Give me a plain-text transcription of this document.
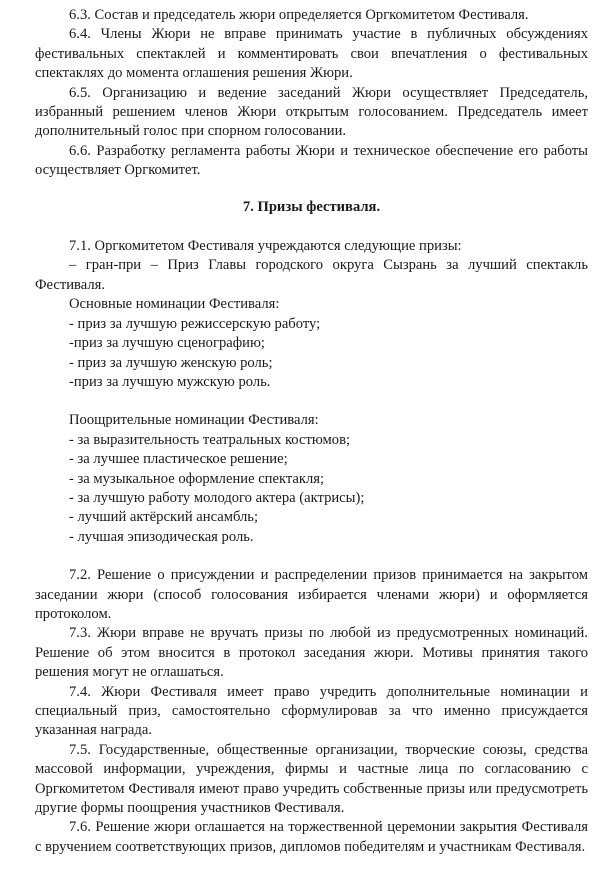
6.3. Состав и председатель жюри определяется Оргкомитетом Фестиваля.

6.4. Члены Жюри не вправе принимать участие в публичных обсуждениях фестивальных спектаклей и комментировать свои впечатления о фестивальных спектаклях до момента оглашения решения Жюри.

6.5. Организацию и ведение заседаний Жюри осуществляет Председатель, избранный решением членов Жюри открытым голосованием. Председатель имеет дополнительный голос при спорном голосовании.

6.6. Разработку регламента работы Жюри и техническое обеспечение его работы осуществляет Оргкомитет.

7. Призы фестиваля.

7.1. Оргкомитетом Фестиваля учреждаются следующие призы:

– гран-при – Приз Главы городского округа Сызрань за лучший спектакль Фестиваля.

Основные номинации Фестиваля:

- приз за лучшую режиссерскую работу;

-приз за лучшую сценографию;

- приз за лучшую женскую роль;

-приз за лучшую мужскую роль.

Поощрительные номинации Фестиваля:

- за выразительность театральных костюмов;

- за лучшее пластическое решение;

- за музыкальное оформление спектакля;

- за лучшую работу молодого актера (актрисы);

- лучший актёрский ансамбль;

- лучшая эпизодическая роль.

7.2. Решение о присуждении и распределении призов принимается на закрытом заседании жюри (способ голосования избирается членами жюри) и оформляется протоколом.

7.3. Жюри вправе не вручать призы по любой из предусмотренных номинаций. Решение об этом вносится в протокол заседания жюри. Мотивы принятия такого решения могут не оглашаться.

7.4. Жюри Фестиваля имеет право учредить дополнительные номинации и специальный приз, самостоятельно сформулировав за что именно присуждается указанная награда.

7.5. Государственные, общественные организации, творческие союзы, средства массовой информации, учреждения, фирмы и частные лица по согласованию с Оргкомитетом Фестиваля имеют право учредить собственные призы или предусмотреть другие формы поощрения участников Фестиваля.

7.6. Решение жюри оглашается на торжественной церемонии закрытия Фестиваля с вручением соответствующих призов, дипломов победителям и участникам Фестиваля.
